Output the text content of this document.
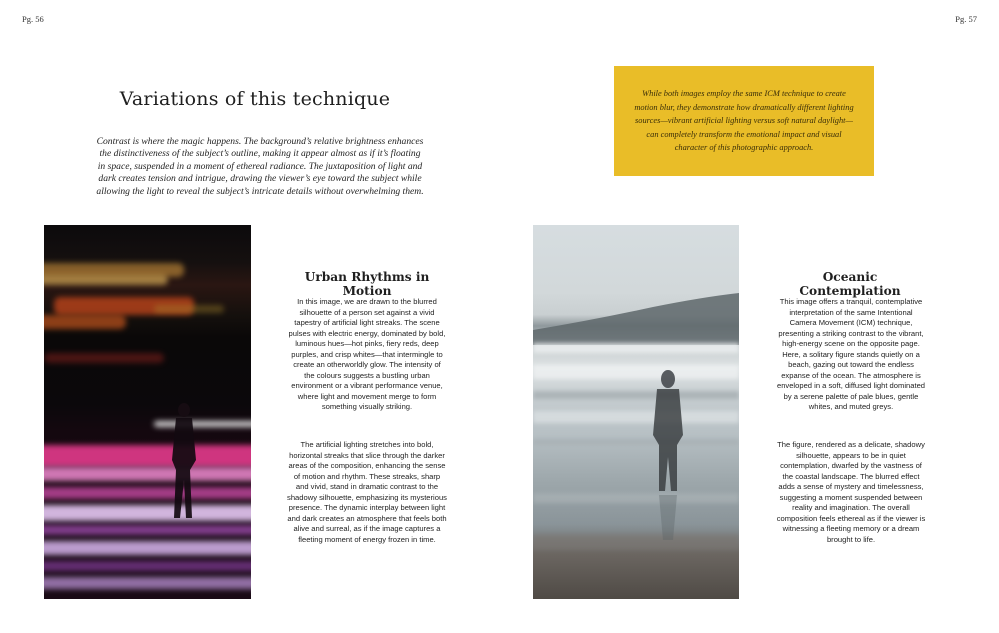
Pg. 56	Pg. 57
Variations of this technique

Contrast is where the magic happens. The background’s relative brightness enhances the distinctiveness of the subject’s outline, making it appear almost as if it’s floating in space, suspended in a moment of ethereal radiance. The juxtaposition of light and dark creates tension and intrigue, drawing the viewer’s eye toward the subject while allowing the light to reveal the subject’s intricate details without overwhelming them.

While both images employ the same ICM technique to create motion blur, they demonstrate how dramatically different lighting sources—vibrant artificial lighting versus soft natural daylight—can completely transform the emotional impact and visual character of this photographic approach.

Urban Rhythms in Motion

In this image, we are drawn to the blurred silhouette of a person set against a vivid tapestry of artificial light streaks. The scene pulses with electric energy, dominated by bold, luminous hues—hot pinks, fiery reds, deep purples, and crisp whites—that intermingle to create an otherworldly glow. The intensity of the colours suggests a bustling urban environment or a vibrant performance venue, where light and movement merge to form something visually striking.

The artificial lighting stretches into bold, horizontal streaks that slice through the darker areas of the composition, enhancing the sense of motion and rhythm. These streaks, sharp and vivid, stand in dramatic contrast to the shadowy silhouette, emphasizing its mysterious presence. The dynamic interplay between light and dark creates an atmosphere that feels both alive and surreal, as if the image captures a fleeting moment of energy frozen in time.

Oceanic Contemplation

This image offers a tranquil, contemplative interpretation of the same Intentional Camera Movement (ICM) technique, presenting a striking contrast to the vibrant, high-energy scene on the opposite page. Here, a solitary figure stands quietly on a beach, gazing out toward the endless expanse of the ocean. The atmosphere is enveloped in a soft, diffused light dominated by a serene palette of pale blues, gentle whites, and muted greys.

The figure, rendered as a delicate, shadowy silhouette, appears to be in quiet contemplation, dwarfed by the vastness of the coastal landscape. The blurred effect adds a sense of mystery and timelessness, suggesting a moment suspended between reality and imagination. The overall composition feels ethereal as if the viewer is witnessing a fleeting memory or a dream brought to life.
